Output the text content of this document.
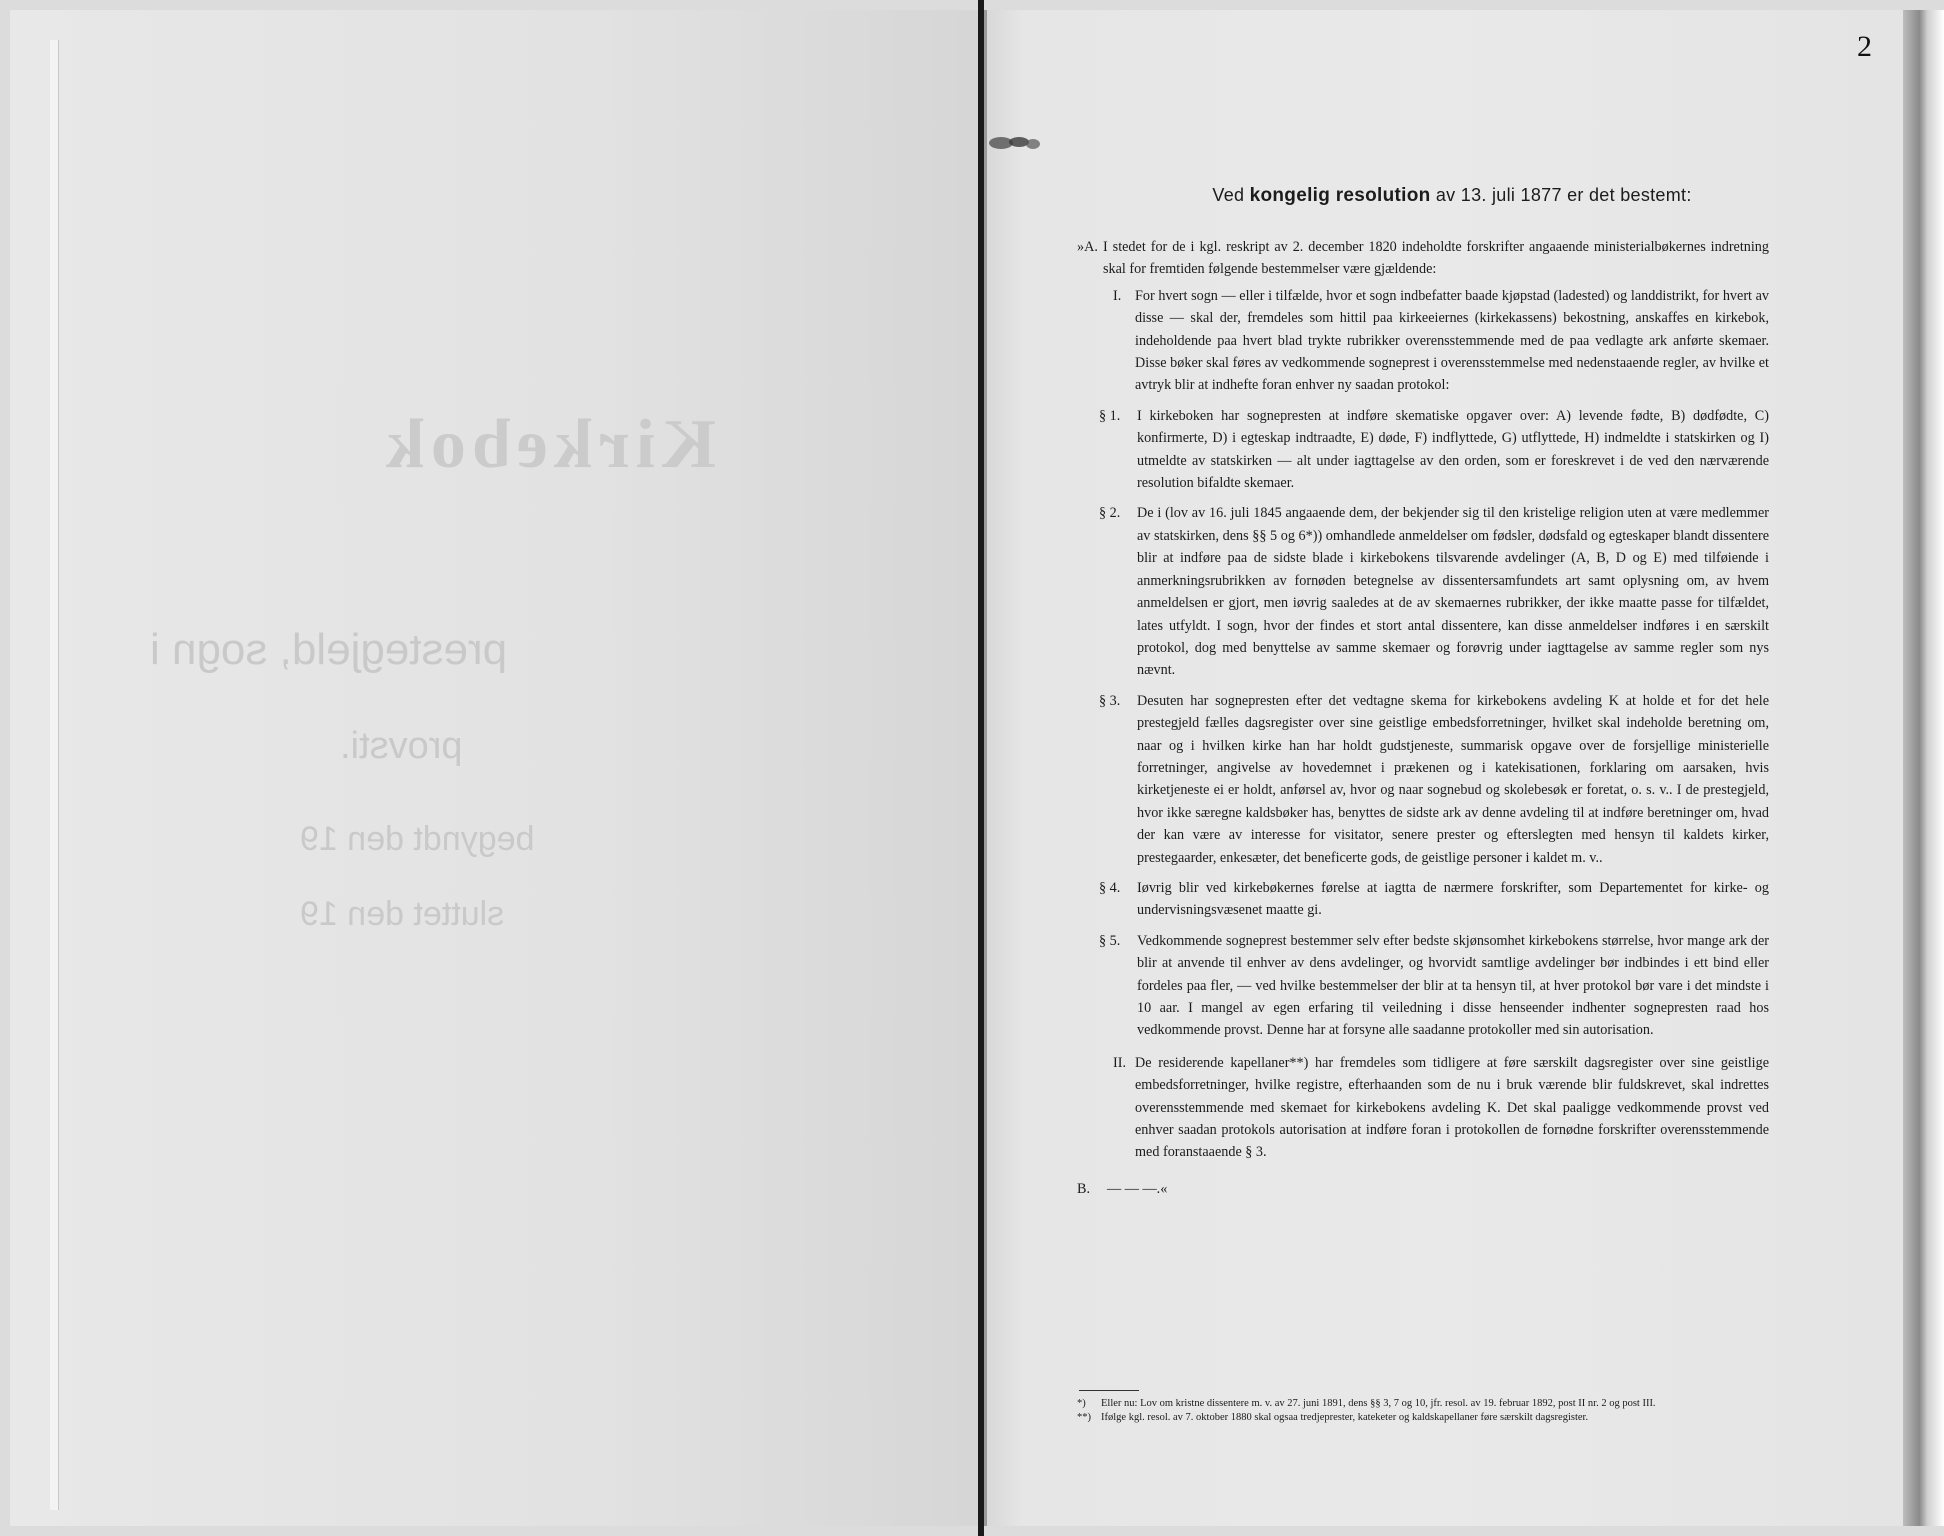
Kirkebok
prestegjeld, sogn i
provsti.
begyndt den 19
sluttet den 19
2
Ved kongelig resolution av 13. juli 1877 er det bestemt:
»A. I stedet for de i kgl. reskript av 2. december 1820 indeholdte forskrifter angaaende ministerialbøkernes indretning skal for fremtiden følgende bestemmelser være gjældende:
I. For hvert sogn — eller i tilfælde, hvor et sogn indbefatter baade kjøpstad (ladested) og landdistrikt, for hvert av disse — skal der, fremdeles som hittil paa kirkeeiernes (kirkekassens) bekostning, anskaffes en kirkebok, indeholdende paa hvert blad trykte rubrikker overensstemmende med de paa vedlagte ark anførte skemaer. Disse bøker skal føres av vedkommende sogneprest i overensstemmelse med nedenstaaende regler, av hvilke et avtryk blir at indhefte foran enhver ny saadan protokol:
§ 1.	I kirkeboken har sognepresten at indføre skematiske opgaver over: A) levende fødte, B) dødfødte, C) konfirmerte, D) i egteskap indtraadte, E) døde, F) indflyttede, G) utflyttede, H) indmeldte i statskirken og I) utmeldte av statskirken — alt under iagttagelse av den orden, som er foreskrevet i de ved den nærværende resolution bifaldte skemaer.
§ 2.	De i (lov av 16. juli 1845 angaaende dem, der bekjender sig til den kristelige religion uten at være medlemmer av statskirken, dens §§ 5 og 6*)) omhandlede anmeldelser om fødsler, dødsfald og egteskaper blandt dissentere blir at indføre paa de sidste blade i kirkebokens tilsvarende avdelinger (A, B, D og E) med tilføiende i anmerkningsrubrikken av fornøden betegnelse av dissentersamfundets art samt oplysning om, av hvem anmeldelsen er gjort, men iøvrig saaledes at de av skemaernes rubrikker, der ikke maatte passe for tilfældet, lates utfyldt. I sogn, hvor der findes et stort antal dissentere, kan disse anmeldelser indføres i en særskilt protokol, dog med benyttelse av samme skemaer og forøvrig under iagttagelse av samme regler som nys nævnt.
§ 3.	Desuten har sognepresten efter det vedtagne skema for kirkebokens avdeling K at holde et for det hele prestegjeld fælles dagsregister over sine geistlige embedsforretninger, hvilket skal indeholde beretning om, naar og i hvilken kirke han har holdt gudstjeneste, summarisk opgave over de forsjellige ministerielle forretninger, angivelse av hovedemnet i prækenen og i katekisationen, forklaring om aarsaken, hvis kirketjeneste ei er holdt, anførsel av, hvor og naar sognebud og skolebesøk er foretat, o. s. v.. I de prestegjeld, hvor ikke særegne kaldsbøker has, benyttes de sidste ark av denne avdeling til at indføre beretninger om, hvad der kan være av interesse for visitator, senere prester og efterslegten med hensyn til kaldets kirker, prestegaarder, enkesæter, det beneficerte gods, de geistlige personer i kaldet m. v..
§ 4.	Iøvrig blir ved kirkebøkernes førelse at iagtta de nærmere forskrifter, som Departementet for kirke- og undervisningsvæsenet maatte gi.
§ 5.	Vedkommende sogneprest bestemmer selv efter bedste skjønsomhet kirkebokens størrelse, hvor mange ark der blir at anvende til enhver av dens avdelinger, og hvorvidt samtlige avdelinger bør indbindes i ett bind eller fordeles paa fler, — ved hvilke bestemmelser der blir at ta hensyn til, at hver protokol bør vare i det mindste i 10 aar. I mangel av egen erfaring til veiledning i disse henseender indhenter sognepresten raad hos vedkommende provst. Denne har at forsyne alle saadanne protokoller med sin autorisation.
II. De residerende kapellaner**) har fremdeles som tidligere at føre særskilt dagsregister over sine geistlige embedsforretninger, hvilke registre, efterhaanden som de nu i bruk værende blir fuldskrevet, skal indrettes overensstemmende med skemaet for kirkebokens avdeling K. Det skal paaligge vedkommende provst ved enhver saadan protokols autorisation at indføre foran i protokollen de fornødne forskrifter overensstemmende med foranstaaende § 3.
B.	— — —.«
*)	Eller nu: Lov om kristne dissentere m. v. av 27. juni 1891, dens §§ 3, 7 og 10, jfr. resol. av 19. februar 1892, post II nr. 2 og post III.
**) Ifølge kgl. resol. av 7. oktober 1880 skal ogsaa tredjeprester, kateketer og kaldskapellaner føre særskilt dagsregister.
